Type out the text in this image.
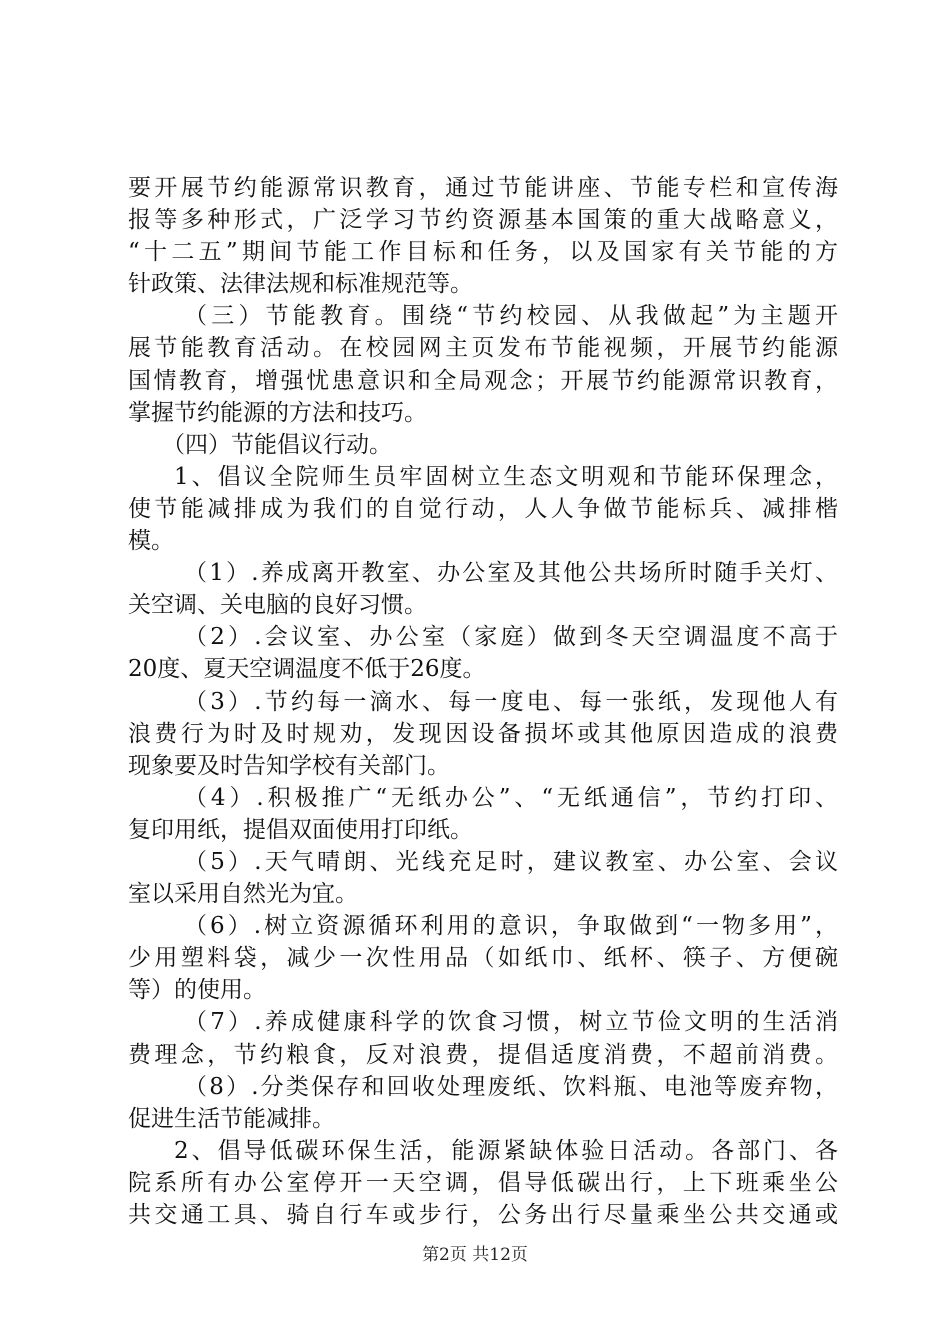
要开展节约能源常识教育，通过节能讲座、节能专栏和宣传海
报等多种形式，广泛学习节约资源基本国策的重大战略意义，
“十二五”期间节能工作目标和任务，以及国家有关节能的方
针政策、法律法规和标准规范等。
（三）节能教育。围绕“节约校园、从我做起”为主题开
展节能教育活动。在校园网主页发布节能视频，开展节约能源
国情教育，增强忧患意识和全局观念；开展节约能源常识教育，
掌握节约能源的方法和技巧。
（四）节能倡议行动。
1、倡议全院师生员牢固树立生态文明观和节能环保理念，
使节能减排成为我们的自觉行动，人人争做节能标兵、减排楷
模。
（1）.养成离开教室、办公室及其他公共场所时随手关灯、
关空调、关电脑的良好习惯。
（2）.会议室、办公室（家庭）做到冬天空调温度不高于
20度、夏天空调温度不低于26度。
（3）.节约每一滴水、每一度电、每一张纸，发现他人有
浪费行为时及时规劝，发现因设备损坏或其他原因造成的浪费
现象要及时告知学校有关部门。
（4）.积极推广“无纸办公”、“无纸通信”，节约打印、
复印用纸，提倡双面使用打印纸。
（5）.天气晴朗、光线充足时，建议教室、办公室、会议
室以采用自然光为宜。
（6）.树立资源循环利用的意识，争取做到“一物多用”，
少用塑料袋，减少一次性用品（如纸巾、纸杯、筷子、方便碗
等）的使用。
（7）.养成健康科学的饮食习惯，树立节俭文明的生活消
费理念，节约粮食，反对浪费，提倡适度消费，不超前消费。
（8）.分类保存和回收处理废纸、饮料瓶、电池等废弃物，
促进生活节能减排。
2、倡导低碳环保生活，能源紧缺体验日活动。各部门、各
院系所有办公室停开一天空调，倡导低碳出行，上下班乘坐公
共交通工具、骑自行车或步行，公务出行尽量乘坐公共交通或
第2页 共12页
